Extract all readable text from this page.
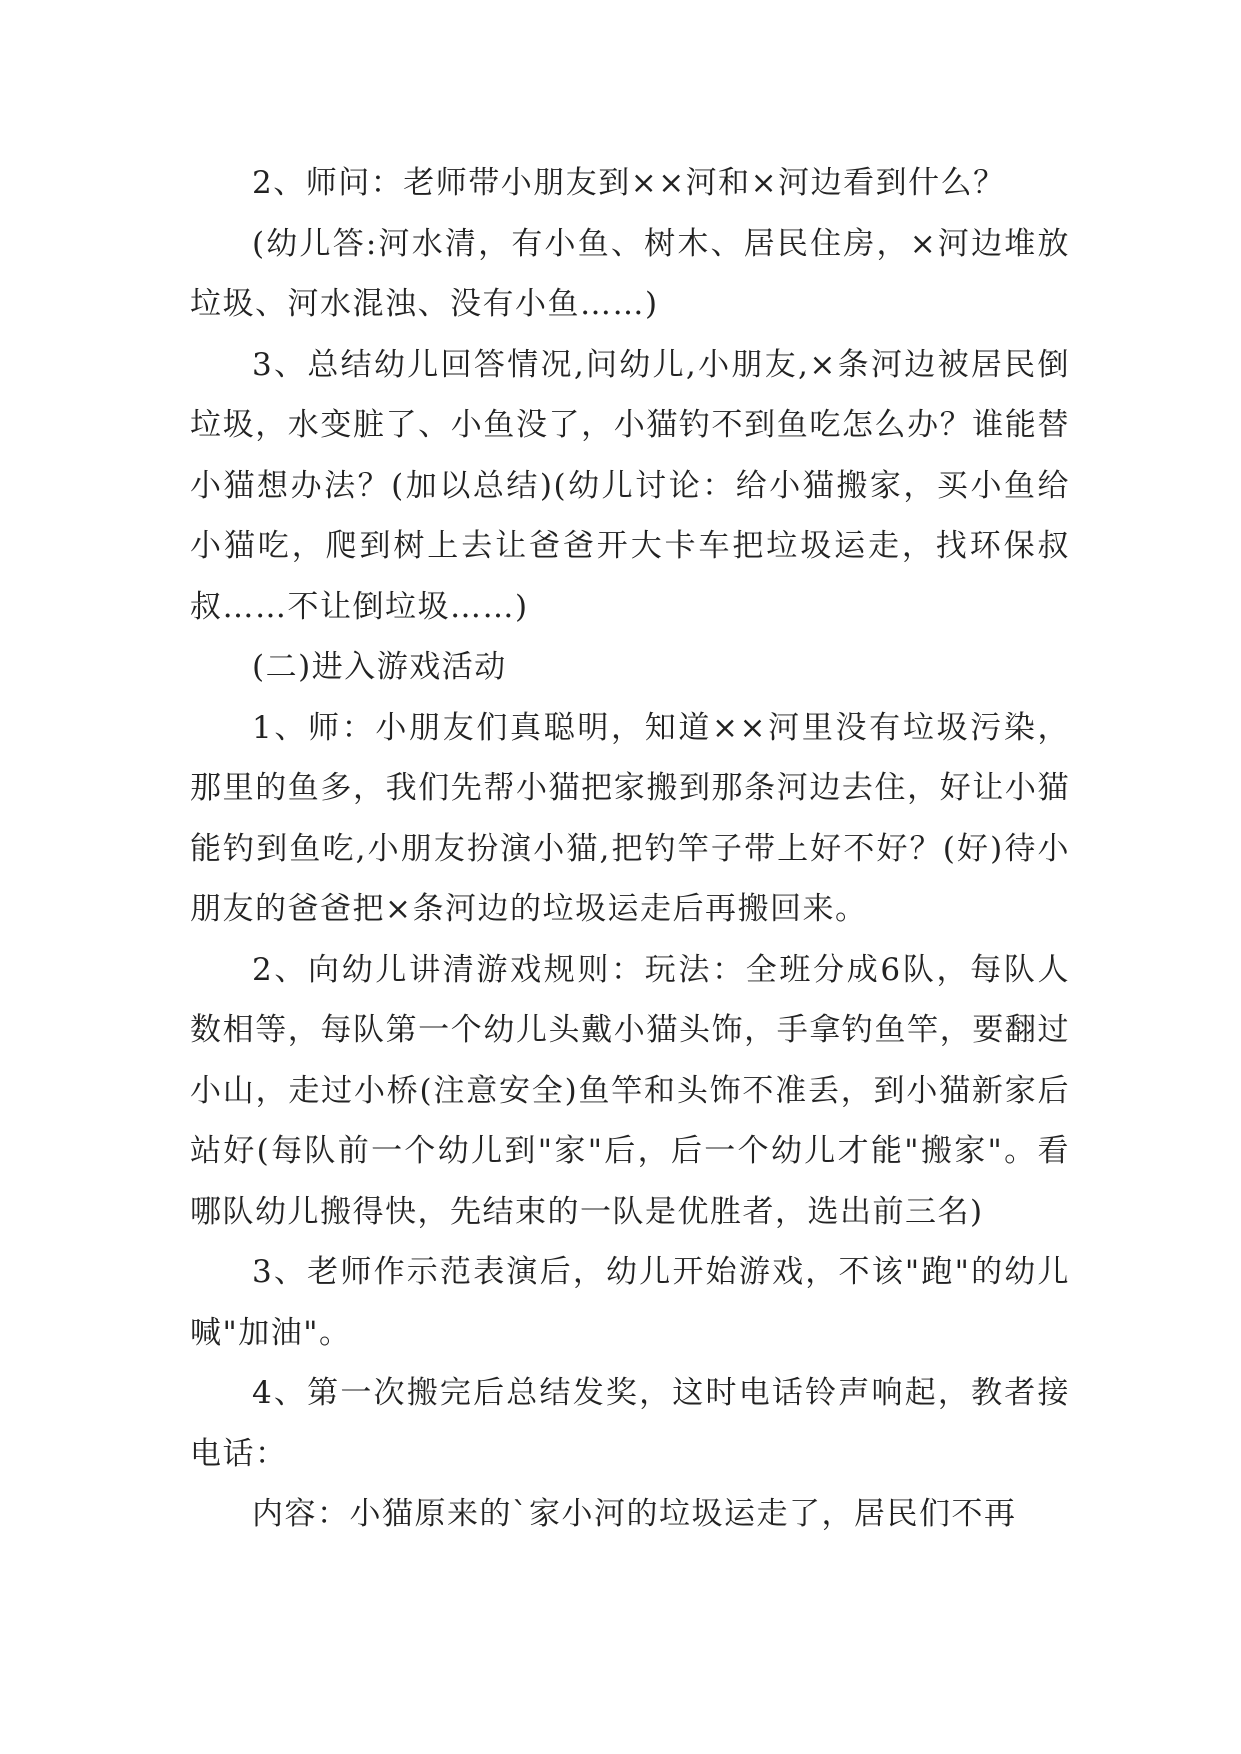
2、师问：老师带小朋友到××河和×河边看到什么？

(幼儿答:河水清，有小鱼、树木、居民住房，×河边堆放垃圾、河水混浊、没有小鱼……)

3、总结幼儿回答情况,问幼儿,小朋友,×条河边被居民倒垃圾，水变脏了、小鱼没了，小猫钓不到鱼吃怎么办？谁能替小猫想办法？(加以总结)(幼儿讨论：给小猫搬家，买小鱼给小猫吃，爬到树上去让爸爸开大卡车把垃圾运走，找环保叔叔……不让倒垃圾……)

(二)进入游戏活动

1、师：小朋友们真聪明，知道××河里没有垃圾污染，那里的鱼多，我们先帮小猫把家搬到那条河边去住，好让小猫能钓到鱼吃,小朋友扮演小猫,把钓竿子带上好不好？(好)待小朋友的爸爸把×条河边的垃圾运走后再搬回来。

2、向幼儿讲清游戏规则：玩法：全班分成6队，每队人数相等，每队第一个幼儿头戴小猫头饰，手拿钓鱼竿，要翻过小山，走过小桥(注意安全)鱼竿和头饰不准丢，到小猫新家后站好(每队前一个幼儿到"家"后，后一个幼儿才能"搬家"。看哪队幼儿搬得快，先结束的一队是优胜者，选出前三名)

3、老师作示范表演后，幼儿开始游戏，不该"跑"的幼儿喊"加油"。

4、第一次搬完后总结发奖，这时电话铃声响起，教者接电话：

内容：小猫原来的`家小河的垃圾运走了，居民们不再
